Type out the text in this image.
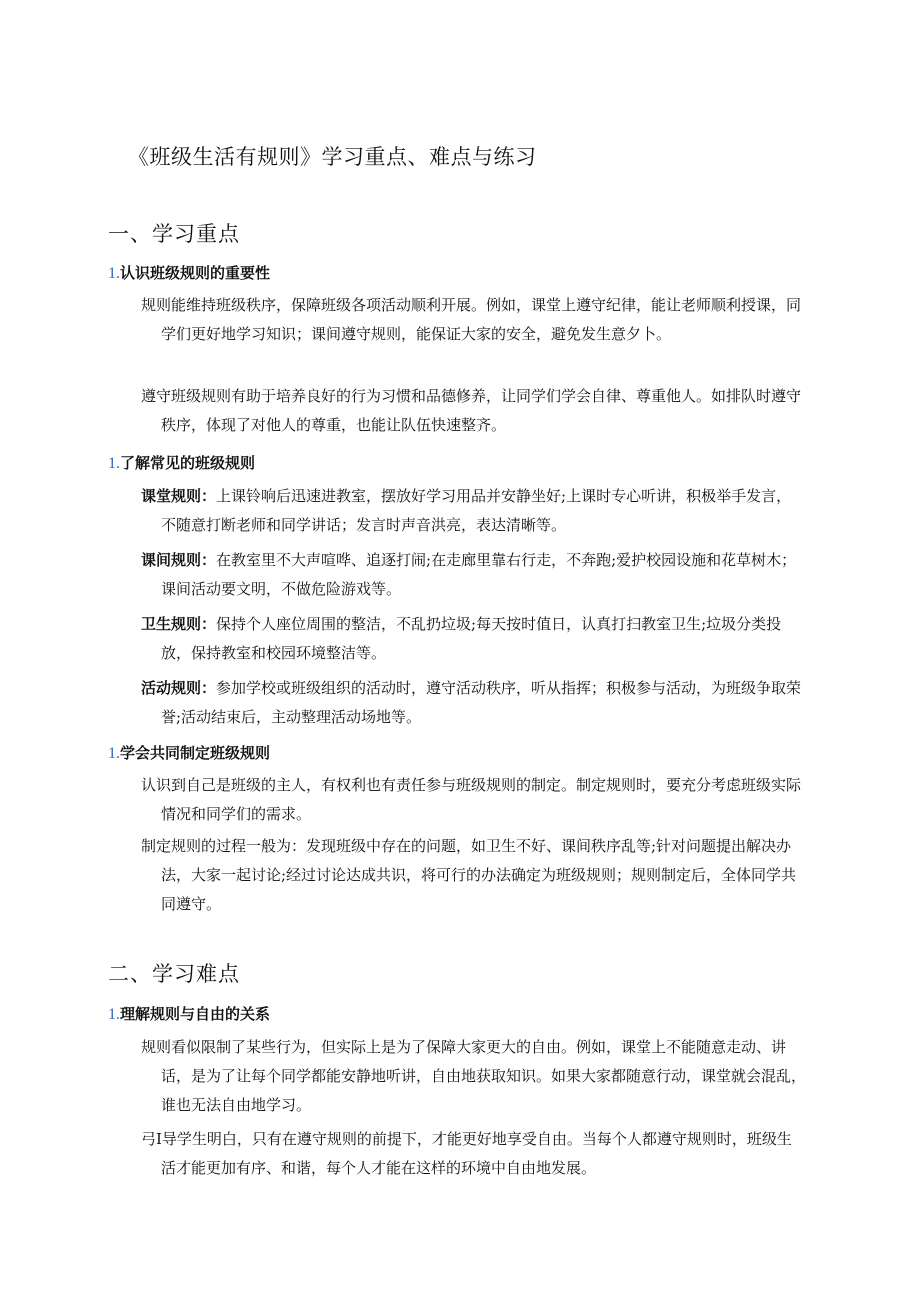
《班级生活有规则》学习重点、难点与练习
一、学习重点
1.认识班级规则的重要性

规则能维持班级秩序，保障班级各项活动顺利开展。例如，课堂上遵守纪律，能让老师顺利授课，同学们更好地学习知识；课间遵守规则，能保证大家的安全，避免发生意夕卜。

遵守班级规则有助于培养良好的行为习惯和品德修养，让同学们学会自律、尊重他人。如排队时遵守秩序，体现了对他人的尊重，也能让队伍快速整齐。

1.了解常见的班级规则

课堂规则：上课铃响后迅速进教室，摆放好学习用品并安静坐好;上课时专心听讲，积极举手发言，不随意打断老师和同学讲话；发言时声音洪亮，表达清晰等。

课间规则：在教室里不大声喧哗、追逐打闹;在走廊里靠右行走，不奔跑;爱护校园设施和花草树木；课间活动要文明，不做危险游戏等。

卫生规则：保持个人座位周围的整洁，不乱扔垃圾;每天按时值日，认真打扫教室卫生;垃圾分类投放，保持教室和校园环境整洁等。

活动规则：参加学校或班级组织的活动时，遵守活动秩序，听从指挥；积极参与活动，为班级争取荣誉;活动结束后，主动整理活动场地等。

1.学会共同制定班级规则

认识到自己是班级的主人，有权利也有责任参与班级规则的制定。制定规则时，要充分考虑班级实际情况和同学们的需求。

制定规则的过程一般为：发现班级中存在的问题，如卫生不好、课间秩序乱等;针对问题提出解决办法，大家一起讨论;经过讨论达成共识，将可行的办法确定为班级规则；规则制定后，全体同学共同遵守。

二、学习难点
1.理解规则与自由的关系

规则看似限制了某些行为，但实际上是为了保障大家更大的自由。例如，课堂上不能随意走动、讲话，是为了让每个同学都能安静地听讲，自由地获取知识。如果大家都随意行动，课堂就会混乱，谁也无法自由地学习。

弓I导学生明白，只有在遵守规则的前提下，才能更好地享受自由。当每个人都遵守规则时，班级生活才能更加有序、和谐，每个人才能在这样的环境中自由地发展。
